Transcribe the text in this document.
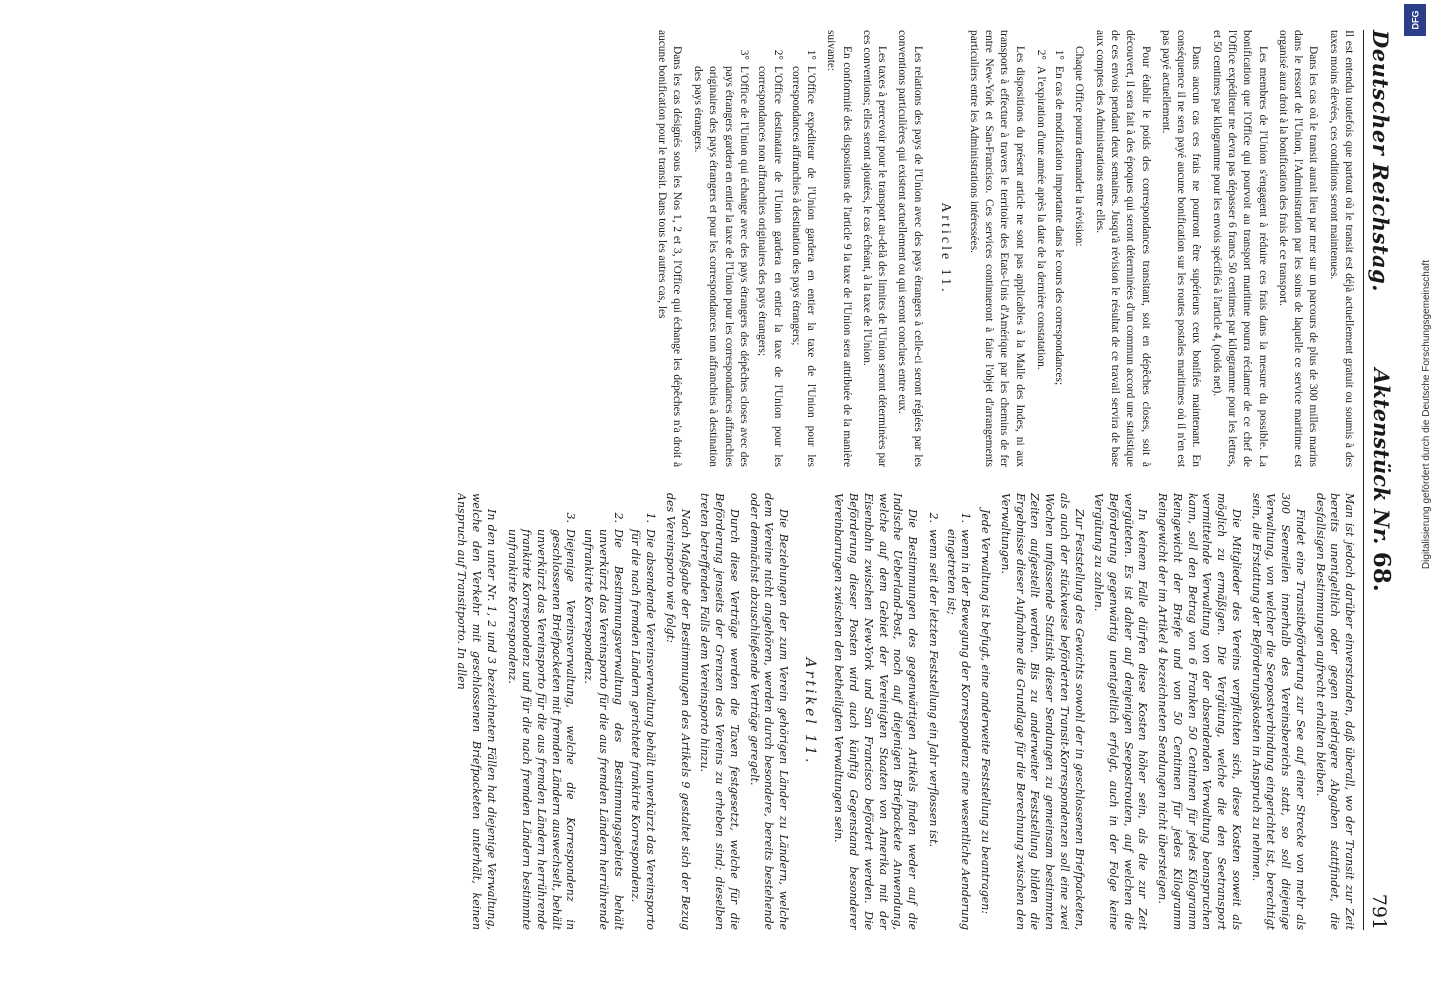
Deutscher Reichstag.
Aktenstück Nr. 68.
791

Il est entendu toutefois que partout où le transit est déjà actuellement gratuit ou soumis à des taxes moins élevées, ces conditions seront maintenues.

Dans les cas où le transit aurait lieu par mer sur un parcours de plus de 300 milles marins dans le ressort de l'Union, l'Administration par les soins de laquelle ce service maritime est organisé aura droit à la bonification des frais de ce transport.

Les membres de l'Union s'engagent à réduire ces frais dans la mesure du possible. La bonification que l'Office qui pourvoit au transport maritime pourra réclamer de ce chef de l'Office expéditeur ne devra pas dépasser 6 francs 50 centimes par kilogramme pour les lettres, et 50 centimes par kilogramme pour les envois spécifiés à l'article 4, (poids net).

Dans aucun cas ces frais ne pourront être supérieurs ceux bonifiés maintenant. En conséquence il ne sera payé aucune bonification sur les routes postales maritimes où il n'en est pas payé actuellement.

Pour établir le poids des correspondances transitant, soit en dépêches closes, soit à découvert, il sera fait à des époques qui seront déterminées d'un commun accord une statistique de ces envois pendant deux semaines. Jusqu'à révision le résultat de ce travail servira de base aux comptes des Administrations entre elles.

Chaque Office pourra demander la révision:

1°
En cas de modification importante dans le cours des correspondances;
2°
A l'expiration d'une année après la date de la dernière constatation.

Les dispositions du présent article ne sont pas applicables à la Malle des Indes, ni aux transports à effectuer à travers le territoire des Etats-Unis d'Amérique par les chemins de fer entre New-York et San-Francisco. Ces services continueront à faire l'objet d'arrangements particuliers entre les Administrations intéressées.

Article 11.

Les relations des pays de l'Union avec des pays étrangers à celle-ci seront réglées par les conventions particulières qui existent actuellement ou qui seront conclues entre eux.

Les taxes à percevoir pour le transport au-delà des limites de l'Union seront déterminées par ces conventions; elles seront ajoutées, le cas échéant, à la taxe de l'Union.

En conformité des dispositions de l'article 9 la taxe de l'Union sera attribuée de la manière suivante:

1°
L'Office expéditeur de l'Union gardera en entier la taxe de l'Union pour les correspondances affranchies à destination des pays étrangers;
2°
L'Office destinataire de l'Union gardera en entier la taxe de l'Union pour les correspondances non affranchies originaires des pays étrangers;
3°
L'Office de l'Union qui échange avec des pays étrangers des dépêches closes avec des pays étrangers gardera en entier la taxe de l'Union pour les correspondances affranchies originaires des pays étrangers et pour les correspondances non affranchies à destination des pays étrangers.

Dans les cas désignés sous les Nos 1, 2 et 3, l'Office qui échange les dépêches n'a droit à aucune bonification pour le transit. Dans tous les autres cas, les

Man ist jedoch darüber einverstanden, daß überall, wo der Transit zur Zeit bereits unentgeltlich oder gegen niedrigere Abgaben stattfindet, die desfallsigen Bestimmungen aufrecht erhalten bleiben.

Findet eine Transitbeförderung zur See auf einer Strecke von mehr als 300 Seemeilen innerhalb des Vereinsbereichs statt, so soll diejenige Verwaltung, von welcher die Seepostverbindung eingerichtet ist, berechtigt sein, die Erstattung der Beförderungskosten in Anspruch zu nehmen.

Die Mitglieder des Vereins verpflichten sich, diese Kosten soweit als möglich zu ermäßigen. Die Vergütung, welche die den Seetransport vermittelnde Verwaltung von der absendenden Verwaltung beanspruchen kann, soll den Betrag von 6 Franken 50 Centimen für jedes Kilogramm Reingewicht der Briefe und von 50 Centimen für jedes Kilogramm Reingewicht der im Artikel 4 bezeichneten Sendungen nicht übersteigen.

In keinem Falle dürfen diese Kosten höher sein, als die zur Zeit vergüteten. Es ist daher auf denjenigen Seepostrouten, auf welchen die Beförderung gegenwärtig unentgeltlich erfolgt, auch in der Folge keine Vergütung zu zahlen.

Zur Feststellung des Gewichts sowohl der in geschlossenen Briefpacketen, als auch der stückweise beförderten Transit-Korrespondenzen soll eine zwei Wochen umfassende Statistik dieser Sendungen zu gemeinsam bestimmten Zeiten aufgestellt werden. Bis zu anderweiter Feststellung bilden die Ergebnisse dieser Aufnahme die Grundlage für die Berechnung zwischen den Verwaltungen.

Jede Verwaltung ist befugt, eine anderweite Feststellung zu beantragen:

1.
wenn in der Bewegung der Korrespondenz eine wesentliche Aenderung eingetreten ist;
2.
wenn seit der letzten Feststellung ein Jahr verflossen ist.

Die Bestimmungen des gegenwärtigen Artikels finden weder auf die Indische Ueberland-Post, noch auf diejenigen Briefpackete Anwendung, welche auf dem Gebiet der Vereinigten Staaten von Amerika mit der Eisenbahn zwischen New-York und San Francisco befördert werden. Die Beförderung dieser Posten wird auch künftig Gegenstand besonderer Vereinbarungen zwischen den betheiligten Verwaltungen sein.

Artikel 11.

Die Beziehungen der zum Verein gehörigen Länder zu Ländern, welche dem Vereine nicht angehören, werden durch besondere, bereits bestehende oder demnächst abzuschließende Verträge geregelt.

Durch diese Verträge werden die Taxen festgesetzt, welche für die Beförderung jenseits der Grenzen des Vereins zu erheben sind; dieselben treten betreffenden Falls dem Vereinsporto hinzu.

Nach Maßgabe der Bestimmungen des Artikels 9 gestaltet sich der Bezug des Vereinsporto wie folgt:

1.
Die absendende Vereinsverwaltung behält unverkürzt das Vereinsporto für die nach fremden Ländern gerichtete frankirte Korrespondenz.
2.
Die Bestimmungsverwaltung des Bestimmungsgebiets behält unverkürzt das Vereinsporto für die aus fremden Ländern herrührende unfrankirte Korrespondenz.
3.
Diejenige Vereinsverwaltung, welche die Korrespondenz in geschlossenen Briefpacketen mit fremden Ländern auswechselt, behält unverkürzt das Vereinsporto für die aus fremden Ländern herrührende frankirte Korrespondenz und für die nach fremden Ländern bestimmte unfrankirte Korrespondenz.

In den unter Nr. 1, 2 und 3 bezeichneten Fällen hat diejenige Verwaltung, welche den Verkehr mit geschlossenen Briefpacketen unterhält, keinen Anspruch auf Transitporto. In allen

Digitalisierung gefördert durch die Deutsche Forschungsgemeinschaft
DFG
